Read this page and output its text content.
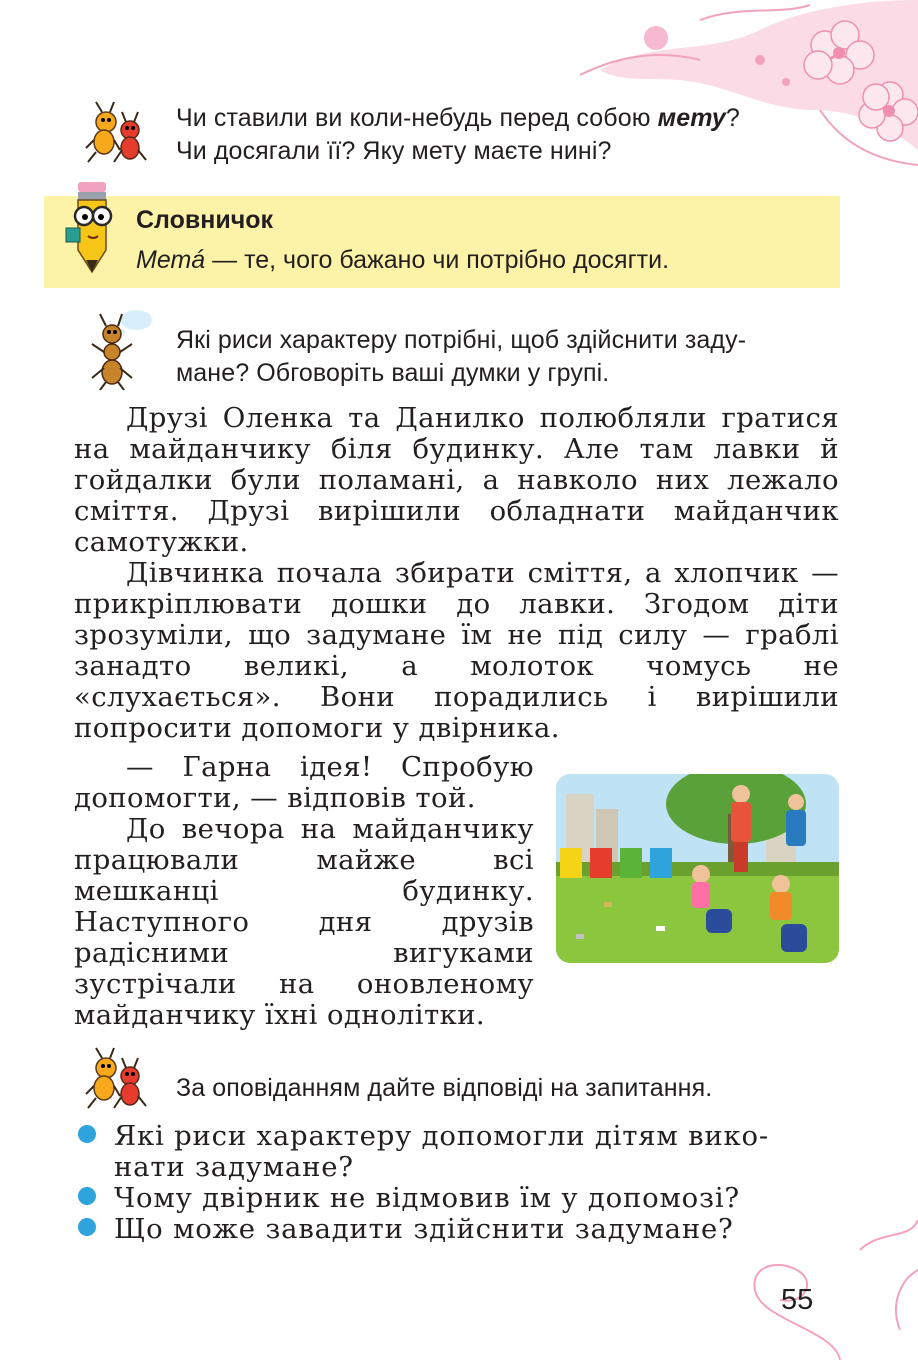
Чи ставили ви коли-небудь перед собою мету?
Чи досягали її? Яку мету маєте нині?
Словничок
Метá — те, чого бажано чи потрібно досягти.
Які риси характеру потрібні, щоб здійснити заду-
мане? Обговоріть ваші думки у групі.

Друзі Оленка та Данилко полюбляли гратися на майданчику біля будинку. Але там лавки й гойдалки були поламані, а навколо них лежало сміття. Друзі вирішили обладнати майданчик самотужки.

Дівчинка почала збирати сміття, а хлопчик — прикріплювати дошки до лавки. Згодом діти зрозуміли, що задумане їм не під силу — граблі занадто великі, а молоток чомусь не «слухається». Вони порадились і вирішили попросити допомоги у двірника.

— Гарна ідея! Спробую допомогти, — відповів той.

До вечора на майданчику працювали майже всі мешканці будинку. Наступного дня друзів радісними вигуками зустрічали на оновленому майданчику їхні однолітки.

За оповіданням дайте відповіді на запитання.
Які риси характеру допомогли дітям вико-
нати задумане?
Чому двірник не відмовив їм у допомозі?
Що може завадити здійснити задумане?
55
